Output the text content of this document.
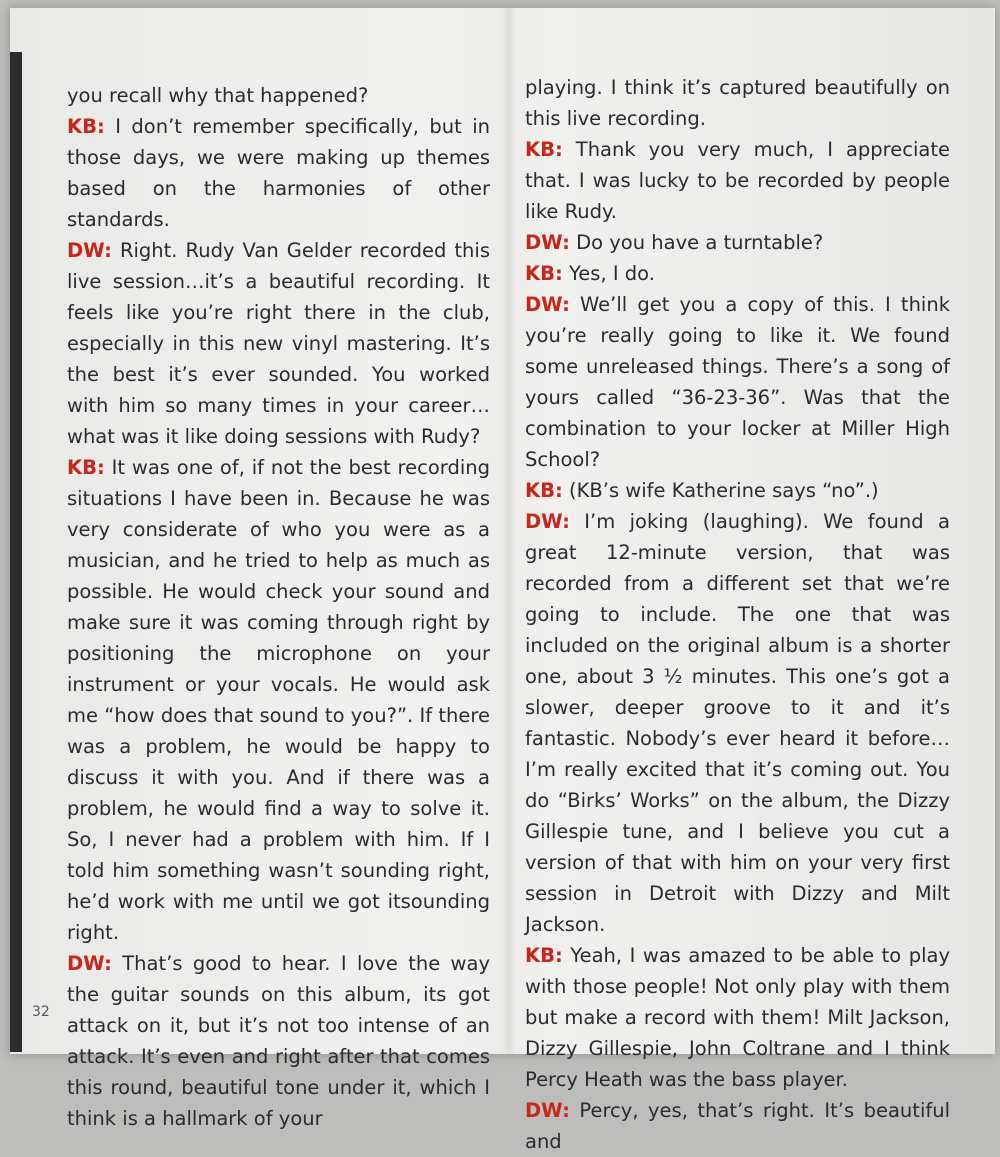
you recall why that happened?

KB: I don’t remember specifically, but in those days, we were making up themes based on the harmonies of other standards.

DW: Right. Rudy Van Gelder recorded this live session…it’s a beautiful recording. It feels like you’re right there in the club, especially in this new vinyl mastering. It’s the best it’s ever sounded. You worked with him so many times in your career…what was it like doing sessions with Rudy?

KB: It was one of, if not the best recording situations I have been in. Because he was very considerate of who you were as a musician, and he tried to help as much as possible. He would check your sound and make sure it was coming through right by positioning the microphone on your instrument or your vocals. He would ask me “how does that sound to you?”. If there was a problem, he would be happy to discuss it with you. And if there was a problem, he would find a way to solve it. So, I never had a problem with him. If I told him something wasn’t sounding right, he’d work with me until we got itsounding right.

DW: That’s good to hear. I love the way the guitar sounds on this album, its got attack on it, but it’s not too intense of an attack. It’s even and right after that comes this round, beautiful tone under it, which I think is a hallmark of your

playing. I think it’s captured beautifully on this live recording.

KB: Thank you very much, I appreciate that. I was lucky to be recorded by people like Rudy.

DW: Do you have a turntable?

KB: Yes, I do.

DW: We’ll get you a copy of this. I think you’re really going to like it. We found some unreleased things. There’s a song of yours called “36-23-36”. Was that the combination to your locker at Miller High School?

KB: (KB’s wife Katherine says “no”.)

DW: I’m joking (laughing). We found a great 12-minute version, that was recorded from a different set that we’re going to include. The one that was included on the original album is a shorter one, about 3 ½ minutes. This one’s got a slower, deeper groove to it and it’s fantastic. Nobody’s ever heard it before…I’m really excited that it’s coming out. You do “Birks’ Works” on the album, the Dizzy Gillespie tune, and I believe you cut a version of that with him on your very first session in Detroit with Dizzy and Milt Jackson.

KB: Yeah, I was amazed to be able to play with those people! Not only play with them but make a record with them! Milt Jackson, Dizzy Gillespie, John Coltrane and I think Percy Heath was the bass player.

DW: Percy, yes, that’s right. It’s beautiful and

32
